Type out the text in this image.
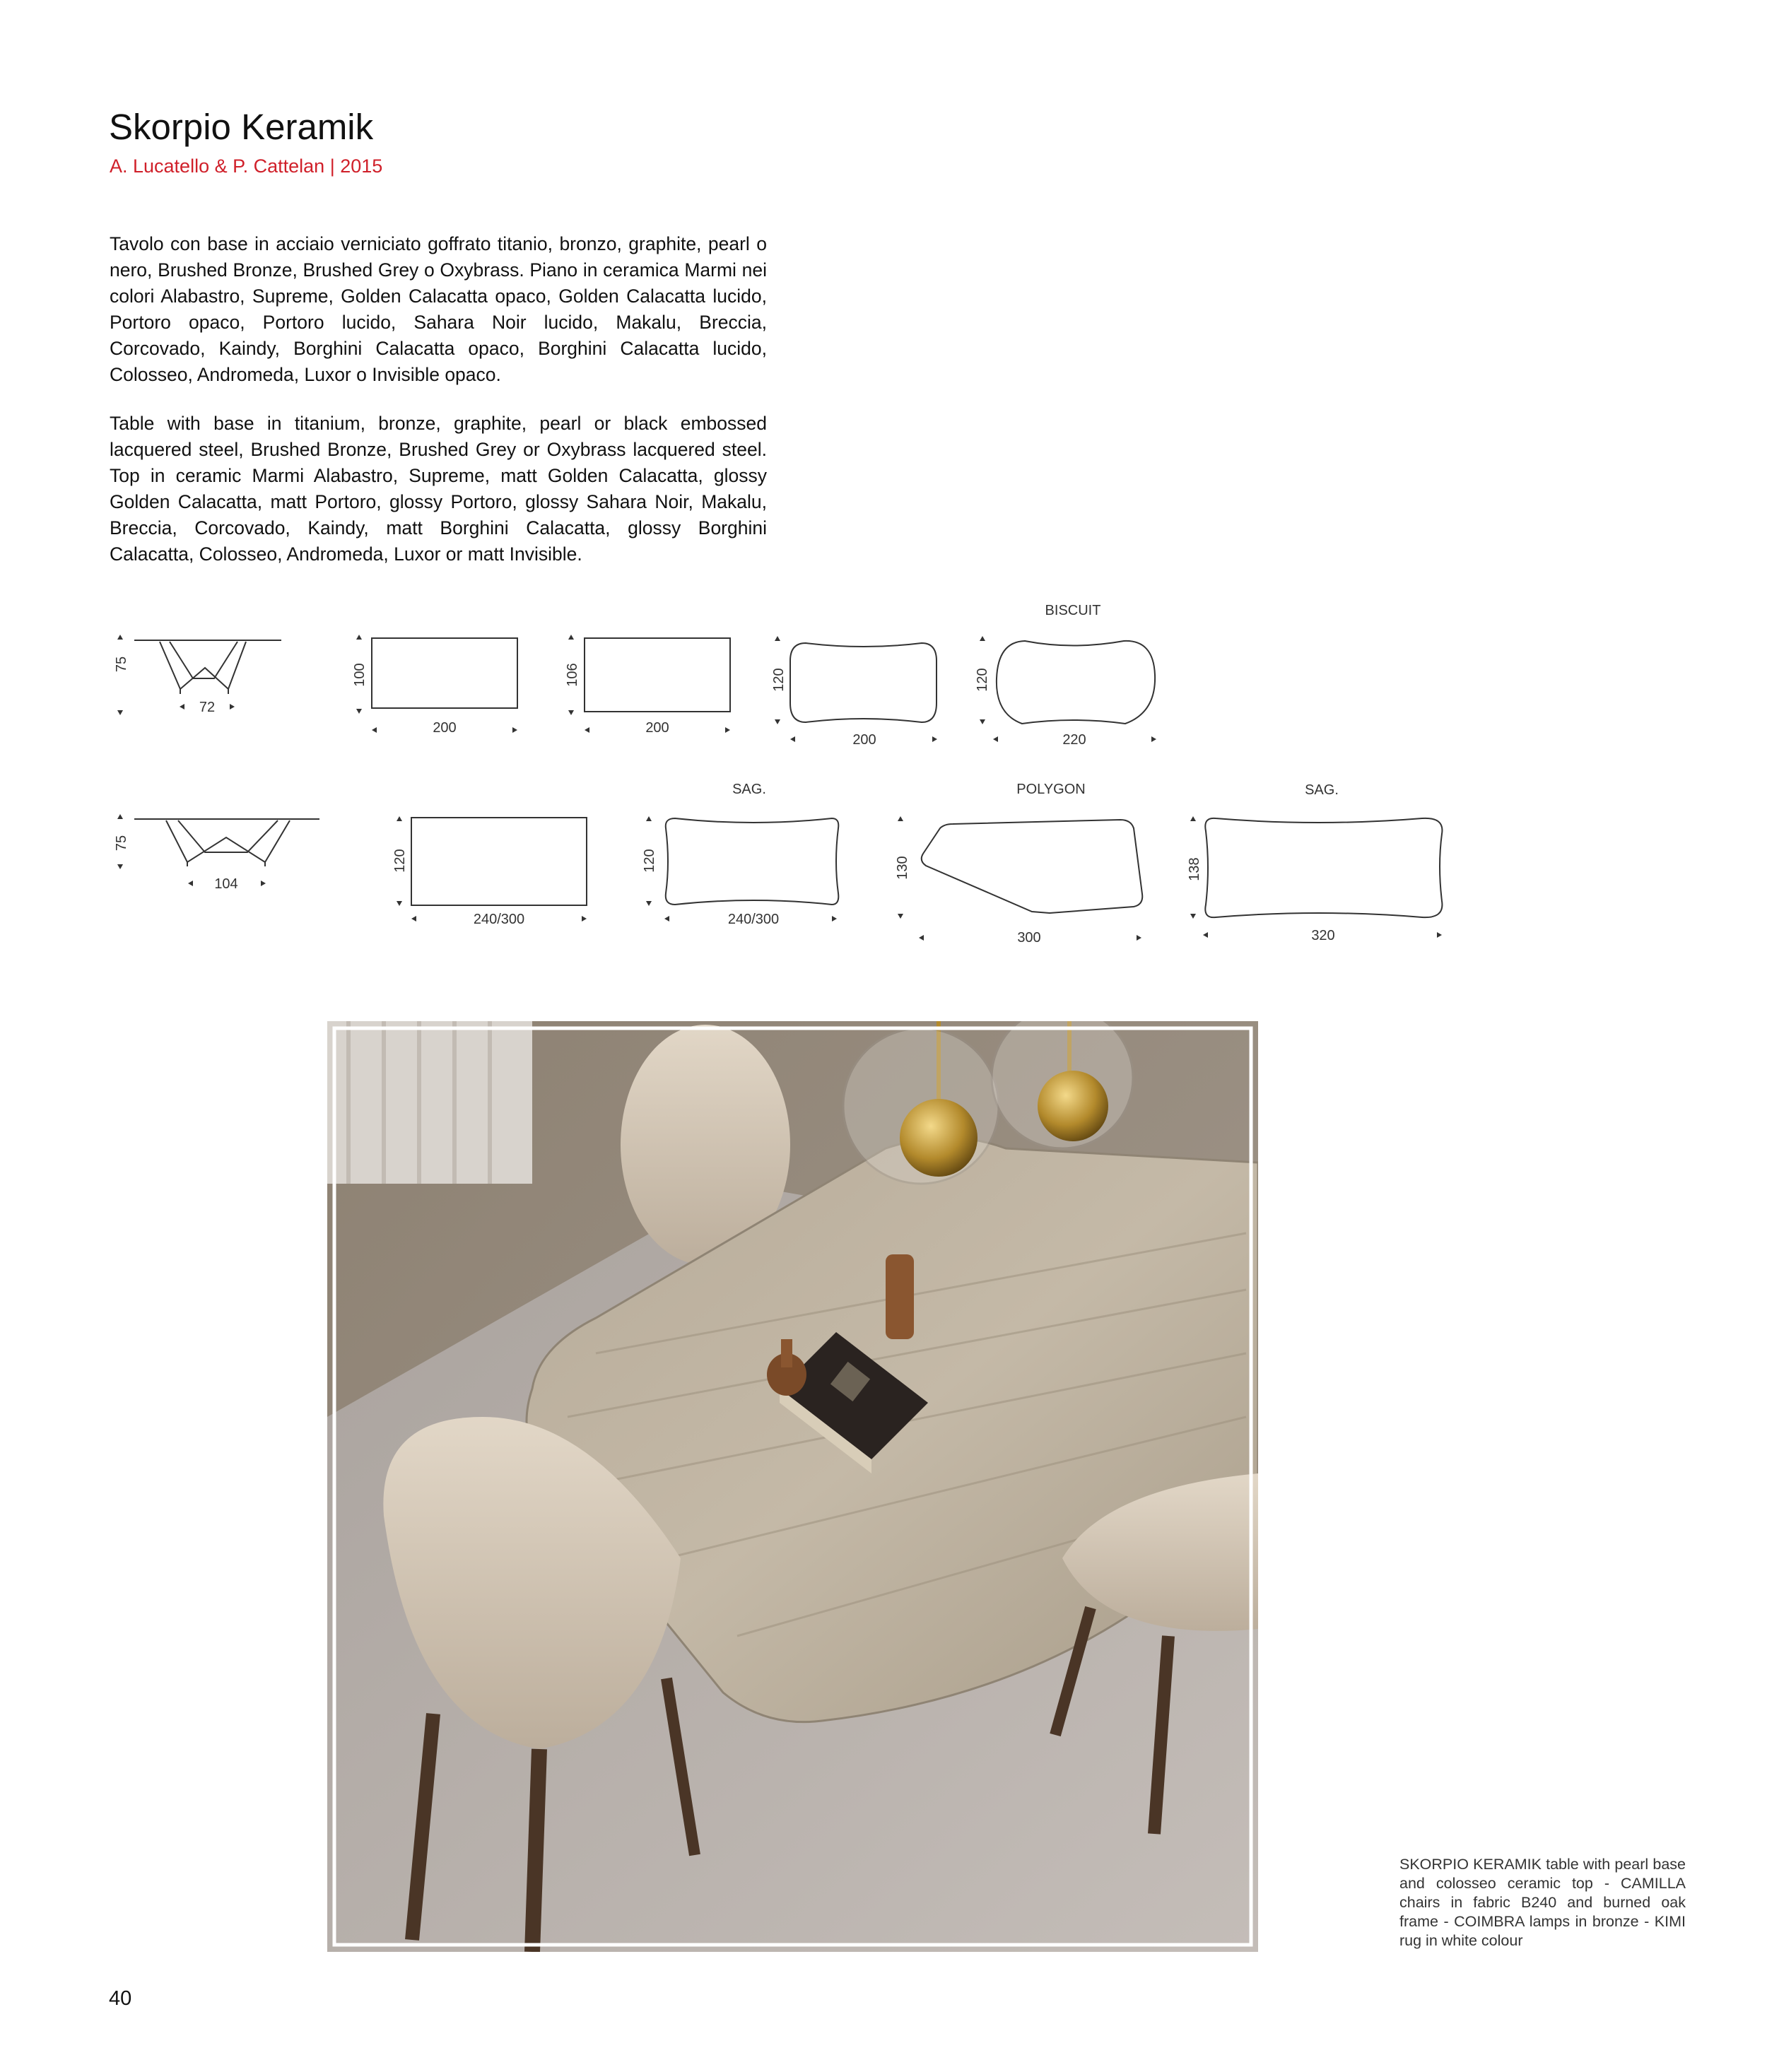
Skorpio Keramik
A. Lucatello & P. Cattelan | 2015

Tavolo con base in acciaio verniciato goffrato titanio, bronzo, graphite, pearl o nero, Brushed Bronze, Brushed Grey o Oxybrass. Piano in ceramica Marmi nei colori Alabastro, Supreme, Golden Calacatta opaco, Golden Calacatta lucido, Portoro opaco, Portoro lucido, Sahara Noir lucido, Makalu, Breccia, Corcovado, Kaindy, Borghini Calacatta opaco, Borghini Calacatta lucido, Colosseo, Andromeda, Luxor o Invisible opaco.

Table with base in titanium, bronze, graphite, pearl or black embossed lacquered steel, Brushed Bronze, Brushed Grey or Oxybrass lacquered steel. Top in ceramic Marmi Alabastro, Supreme, matt Golden Calacatta, glossy Golden Calacatta, matt Portoro, glossy Portoro, glossy Sahara Noir, Makalu, Breccia, Corcovado, Kaindy, matt Borghini Calacatta, glossy Borghini Calacatta, Colosseo, Andromeda, Luxor or matt Invisible.

75
72
100
200
106
200
120
200
BISCUIT
120
220
75
104
120
240/300
SAG.
120
240/300
POLYGON
130
300
SAG.
138
320
SKORPIO KERAMIK table with pearl base and colosseo ceramic top - CAMILLA chairs in fabric B240 and burned oak frame - COIMBRA lamps in bronze - KIMI rug in white colour
40
